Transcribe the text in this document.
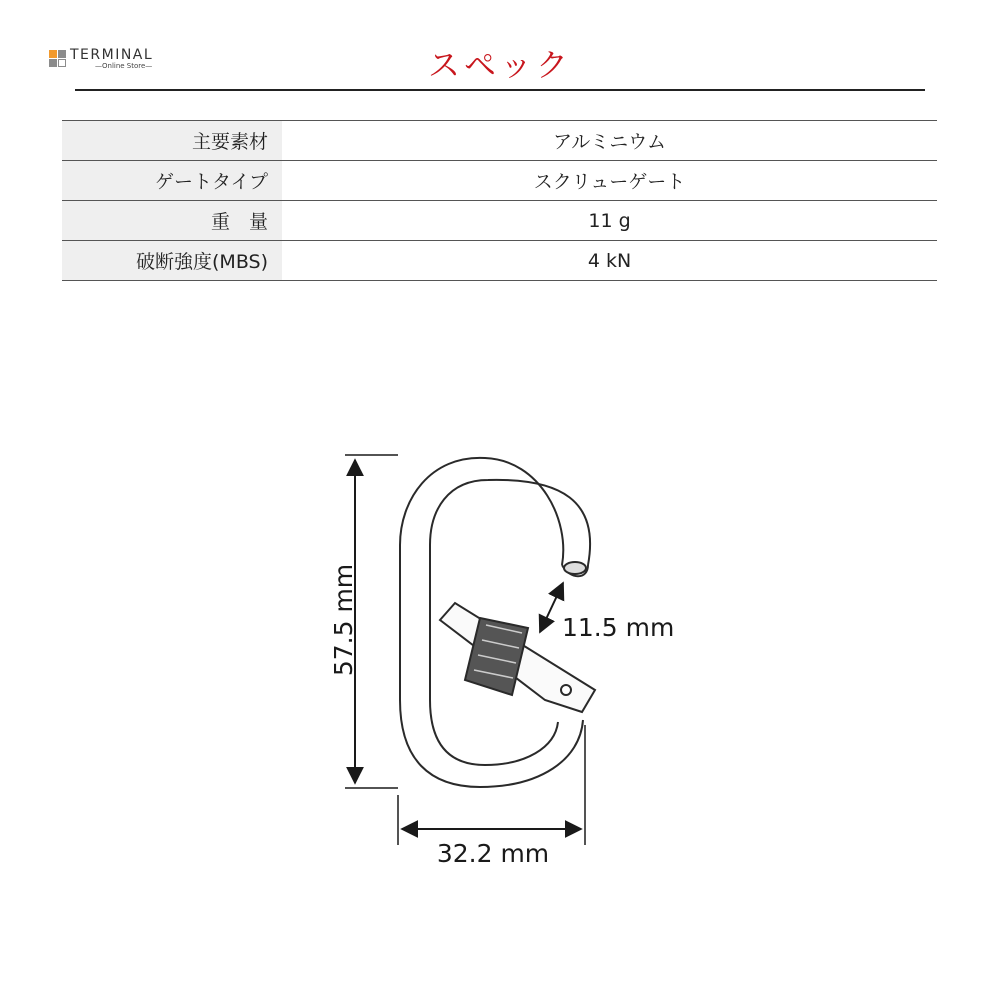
TERMINAL
—Online Store—	スペック
主要素材	アルミニウム
ゲートタイプ	スクリューゲート
重　量	11 g
破断強度(MBS)	4 kN
57.5 mm
32.2 mm
11.5 mm
